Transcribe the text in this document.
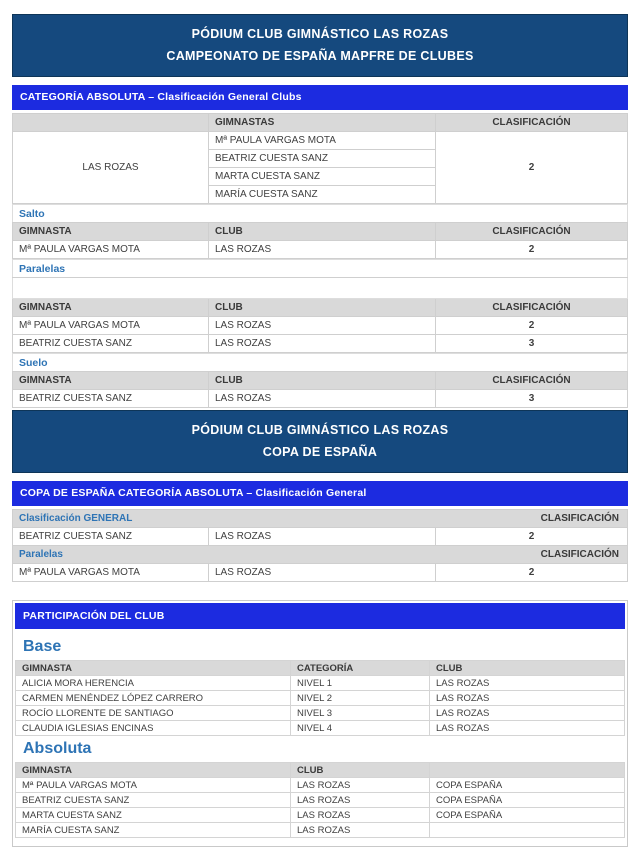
PÓDIUM CLUB GIMNÁSTICO LAS ROZAS
CAMPEONATO DE ESPAÑA MAPFRE DE CLUBES
CATEGORÍA ABSOLUTA – Clasificación General Clubs
	GIMNASTAS	CLASIFICACIÓN
LAS ROZAS	Mª PAULA VARGAS MOTA	2
	BEATRIZ CUESTA SANZ	
	MARTA CUESTA SANZ	
	MARÍA CUESTA SANZ	
Salto		
GIMNASTA	CLUB	CLASIFICACIÓN
Mª PAULA VARGAS MOTA	LAS ROZAS	2
Paralelas		

GIMNASTA	CLUB	CLASIFICACIÓN
Mª PAULA VARGAS MOTA	LAS ROZAS	2
BEATRIZ CUESTA SANZ	LAS ROZAS	3
Suelo		
GIMNASTA	CLUB	CLASIFICACIÓN
BEATRIZ CUESTA SANZ	LAS ROZAS	3
PÓDIUM CLUB GIMNÁSTICO LAS ROZAS
COPA DE ESPAÑA
COPA DE ESPAÑA CATEGORÍA ABSOLUTA – Clasificación General
Clasificación GENERAL CLASIFICACIÓN		

BEATRIZ CUESTA SANZ	LAS ROZAS	2

Paralelas CLASIFICACIÓN		

Mª PAULA VARGAS MOTA	LAS ROZAS	2
PARTICIPACIÓN DEL CLUB
Base
GIMNASTA	CATEGORÍA	CLUB
ALICIA MORA HERENCIA	NIVEL 1	LAS ROZAS
CARMEN MENÉNDEZ LÓPEZ CARRERO	NIVEL 2	LAS ROZAS
ROCÍO LLORENTE DE SANTIAGO	NIVEL 3	LAS ROZAS
CLAUDIA IGLESIAS ENCINAS	NIVEL 4	LAS ROZAS
Absoluta
GIMNASTA	CLUB	
Mª PAULA VARGAS MOTA	LAS ROZAS	COPA ESPAÑA
BEATRIZ CUESTA SANZ	LAS ROZAS	COPA ESPAÑA
MARTA CUESTA SANZ	LAS ROZAS	COPA ESPAÑA
MARÍA CUESTA SANZ	LAS ROZAS	
